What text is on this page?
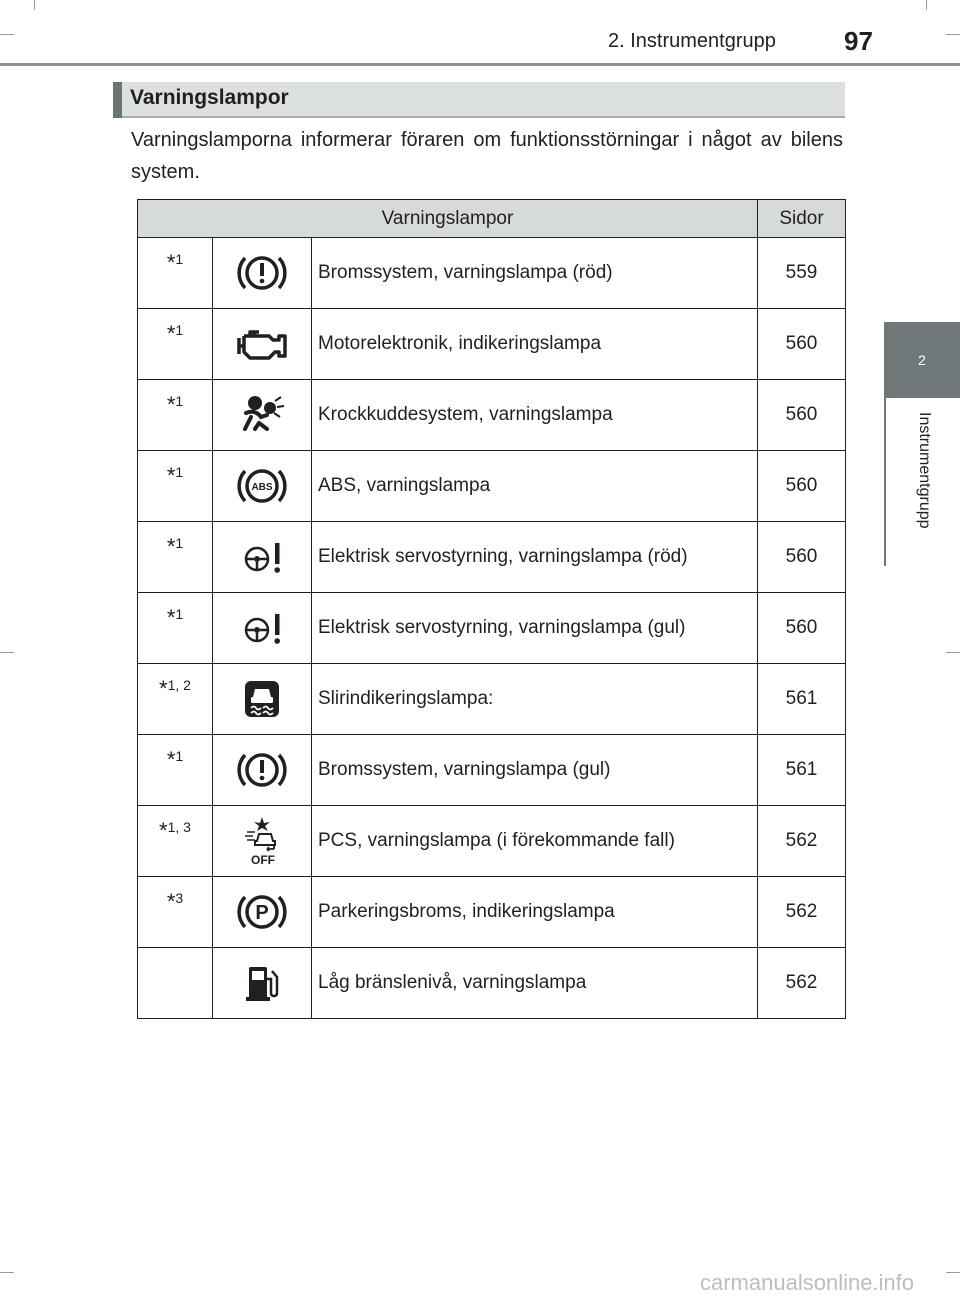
2. Instrumentgrupp	97
2
Instrumentgrupp
Varningslampor
Varningslamporna informerar föraren om funktionsstörningar i något av bilens system.
Varningslampor			Sidor
$*_1$		Bromssystem, varningslampa (röd)	559
$*_1$		Motorelektronik, indikeringslampa	560
$*_1$		Krockkuddesystem, varningslampa	560
$*_1$	ABS	ABS, varningslampa	560
$*_1$		Elektrisk servostyrning, varningslampa (röd)	560
$*_1$		Elektrisk servostyrning, varningslampa (gul)	560
$*_{1, 2}$		Slirindikeringslampa:	561
$*_1$		Bromssystem, varningslampa (gul)	561
$*_{1, 3}$	OFF	PCS, varningslampa (i förekommande fall)	562
$*_3$	P	Parkeringsbroms, indikeringslampa	562

	Låg bränslenivå, varningslampa	562
carmanualsonline.info
